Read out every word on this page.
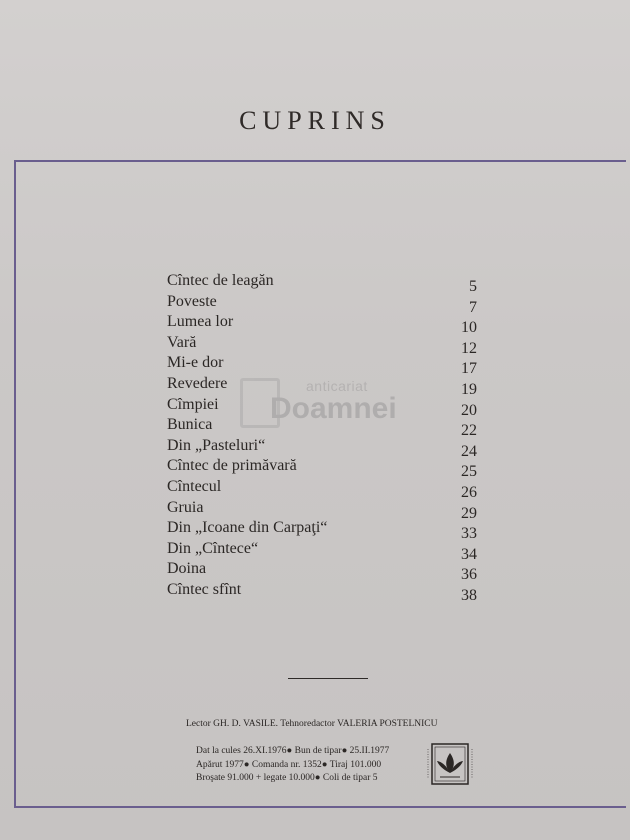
CUPRINS
Cîntec de leagăn	5
Poveste	7
Lumea lor	10
Vară	12
Mi-e dor	17
Revedere	19
Cîmpiei	20
Bunica	22
Din „Pasteluri“	24
Cîntec de primăvară	25
Cîntecul	26
Gruia	29
Din „Icoane din Carpaţi“	33
Din „Cîntece“	34
Doina	36
Cîntec sfînt	38
anticariat
Doamnei
Lector GH. D. VASILE. Tehnoredactor VALERIA POSTELNICU
Dat la cules 26.XI.1976● Bun de tipar● 25.II.1977
Apărut 1977● Comanda nr. 1352● Tiraj 101.000
Broşate 91.000 + legate 10.000● Coli de tipar 5
